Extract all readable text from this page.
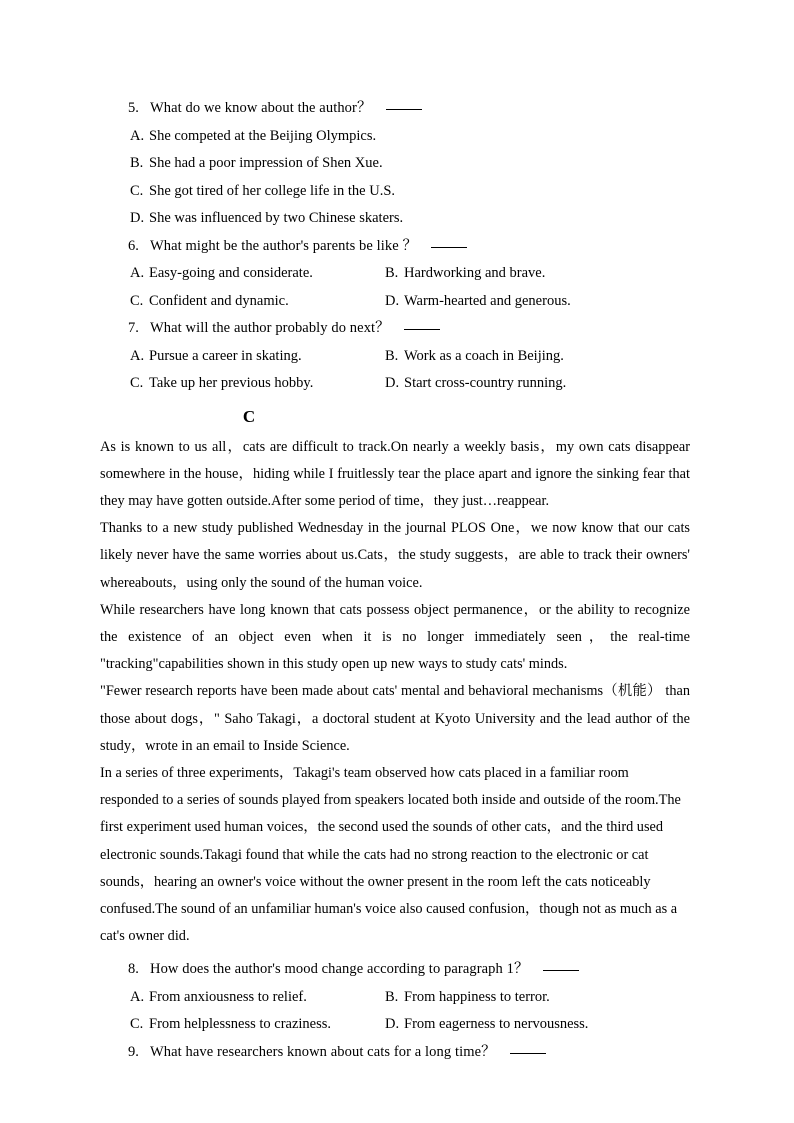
5. What do we know about the author？
A. She competed at the Beijing Olympics.
B. She had a poor impression of Shen Xue.
C. She got tired of her college life in the U.S.
D. She was influenced by two Chinese skaters.
6. What might be the author's parents be like ？
A. Easy-going and considerate.	B. Hardworking and brave.
C. Confident and dynamic.	D. Warm-hearted and generous.
7. What will the author probably do next？
A. Pursue a career in skating.	B. Work as a coach in Beijing.
C. Take up her previous hobby.	D. Start cross-country running.
C

As is known to us all，cats are difficult to track.On nearly a weekly basis，my own cats disappear somewhere in the house，hiding while I fruitlessly tear the place apart and ignore the sinking fear that they may have gotten outside.After some period of time，they just…reappear.

Thanks to a new study published Wednesday in the journal PLOS One，we now know that our cats likely never have the same worries about us.Cats，the study suggests，are able to track their owners' whereabouts，using only the sound of the human voice.

While researchers have long known that cats possess object permanence，or the ability to recognize the existence of an object even when it is no longer immediately seen，the real-time "tracking"capabilities shown in this study open up new ways to study cats' minds.

"Fewer research reports have been made about cats' mental and behavioral mechanisms（机能） than those about dogs，" Saho Takagi，a doctoral student at Kyoto University and the lead author of the study，wrote in an email to Inside Science.

In a series of three experiments，Takagi's team observed how cats placed in a familiar room responded to a series of sounds played from speakers located both inside and outside of the room.The first experiment used human voices，the second used the sounds of other cats，and the third used electronic sounds.Takagi found that while the cats had no strong reaction to the electronic or cat sounds，hearing an owner's voice without the owner present in the room left the cats noticeably confused.The sound of an unfamiliar human's voice also caused confusion，though not as much as a cat's owner did.

8. How does the author's mood change according to paragraph 1？
A. From anxiousness to relief.	B. From happiness to terror.
C. From helplessness to craziness.	D. From eagerness to nervousness.
9. What have researchers known about cats for a long time？
